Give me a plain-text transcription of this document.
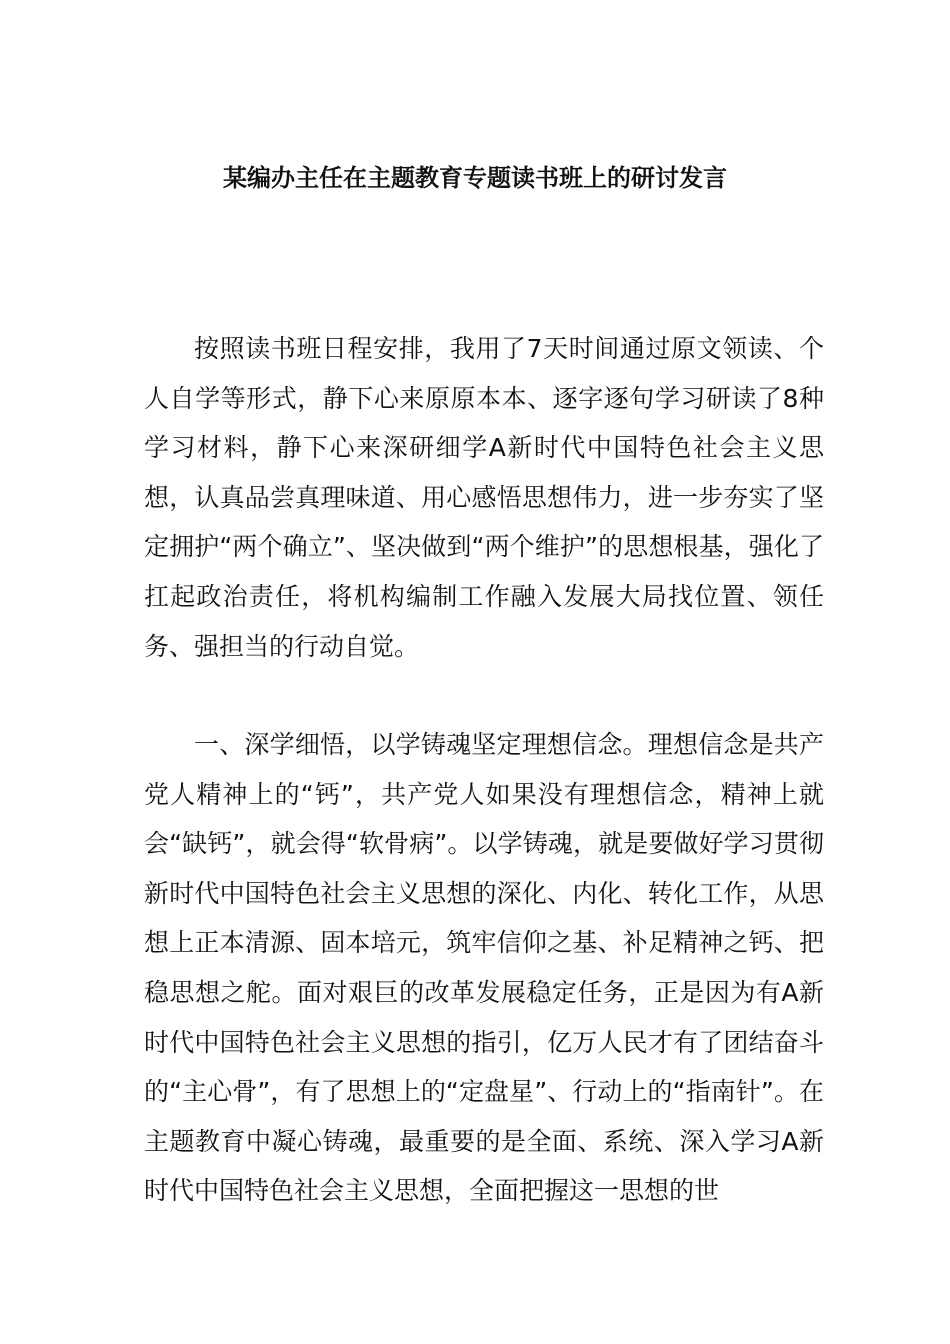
某编办主任在主题教育专题读书班上的研讨发言

按照读书班日程安排，我用了7天时间通过原文领读、个人自学等形式，静下心来原原本本、逐字逐句学习研读了8种学习材料，静下心来深研细学A新时代中国特色社会主义思想，认真品尝真理味道、用心感悟思想伟力，进一步夯实了坚定拥护“两个确立”、坚决做到“两个维护”的思想根基，强化了扛起政治责任，将机构编制工作融入发展大局找位置、领任务、强担当的行动自觉。

一、深学细悟，以学铸魂坚定理想信念。理想信念是共产党人精神上的“钙”，共产党人如果没有理想信念，精神上就会“缺钙”，就会得“软骨病”。以学铸魂，就是要做好学习贯彻新时代中国特色社会主义思想的深化、内化、转化工作，从思想上正本清源、固本培元，筑牢信仰之基、补足精神之钙、把稳思想之舵。面对艰巨的改革发展稳定任务，正是因为有A新时代中国特色社会主义思想的指引，亿万人民才有了团结奋斗的“主心骨”，有了思想上的“定盘星”、行动上的“指南针”。在主题教育中凝心铸魂，最重要的是全面、系统、深入学习A新时代中国特色社会主义思想，全面把握这一思想的世
